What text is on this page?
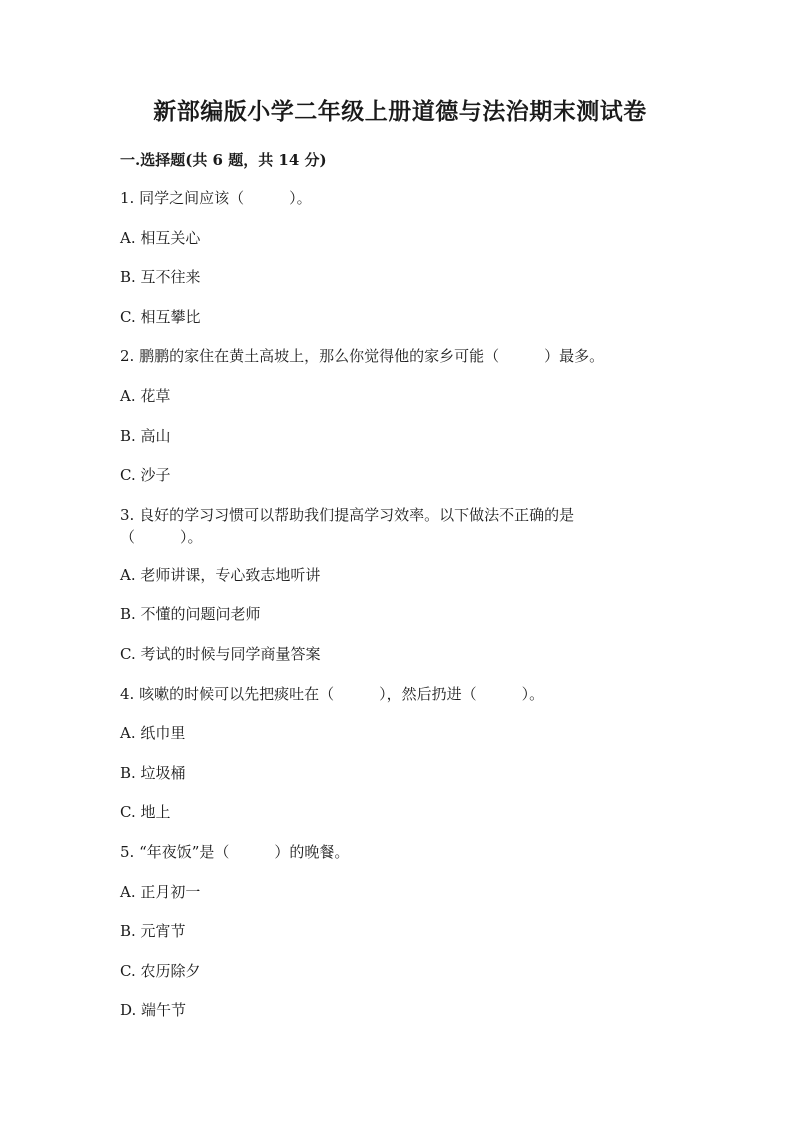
新部编版小学二年级上册道德与法治期末测试卷
一.选择题(共 6 题，共 14 分)
1. 同学之间应该（　　　）。
A. 相互关心
B. 互不往来
C. 相互攀比
2. 鹏鹏的家住在黄土高坡上，那么你觉得他的家乡可能（　　　）最多。
A. 花草
B. 高山
C. 沙子
3. 良好的学习习惯可以帮助我们提高学习效率。以下做法不正确的是（　　　）。
A. 老师讲课，专心致志地听讲
B. 不懂的问题问老师
C. 考试的时候与同学商量答案
4. 咳嗽的时候可以先把痰吐在（　　　），然后扔进（　　　）。
A. 纸巾里
B. 垃圾桶
C. 地上
5. “年夜饭”是（　　　）的晚餐。
A. 正月初一
B. 元宵节
C. 农历除夕
D. 端午节
